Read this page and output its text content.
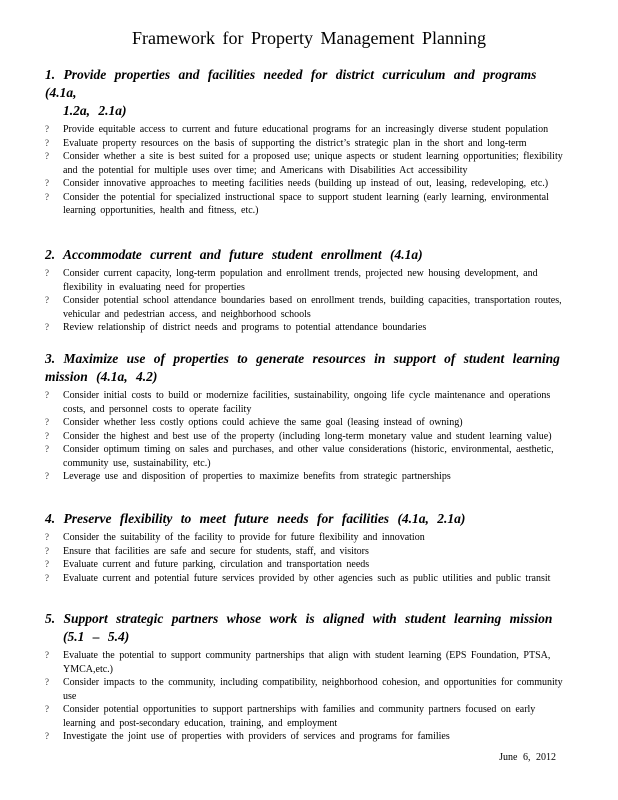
Framework for Property Management Planning

1. Provide properties and facilities needed for district curriculum and programs (4.1a,
1.2a, 2.1a)

? Provide equitable access to current and future educational programs for an increasingly diverse student population
? Evaluate property resources on the basis of supporting the district’s strategic plan in the short and long‑term
? Consider whether a site is best suited for a proposed use; unique aspects or student learning opportunities; flexibility and the potential for multiple uses over time; and Americans with Disabilities Act accessibility
? Consider innovative approaches to meeting facilities needs (building up instead of out, leasing, redeveloping, etc.)
? Consider the potential for specialized instructional space to support student learning (early learning, environmental learning opportunities, health and fitness, etc.)

2. Accommodate current and future student enrollment (4.1a)

? Consider current capacity, long‑term population and enrollment trends, projected new housing development, and flexibility in evaluating need for properties
? Consider potential school attendance boundaries based on enrollment trends, building capacities, transportation routes, vehicular and pedestrian access, and neighborhood schools
? Review relationship of district needs and programs to potential attendance boundaries

3. Maximize use of properties to generate resources in support of student learning
mission (4.1a, 4.2)

? Consider initial costs to build or modernize facilities, sustainability, ongoing life cycle maintenance and operations costs, and personnel costs to operate facility
? Consider whether less costly options could achieve the same goal (leasing instead of owning)
? Consider the highest and best use of the property (including long‑term monetary value and student learning value)
? Consider optimum timing on sales and purchases, and other value considerations (historic, environmental, aesthetic, community use, sustainability, etc.)
? Leverage use and disposition of properties to maximize benefits from strategic partnerships

4. Preserve flexibility to meet future needs for facilities (4.1a, 2.1a)

? Consider the suitability of the facility to provide for future flexibility and innovation
? Ensure that facilities are safe and secure for students, staff, and visitors
? Evaluate current and future parking, circulation and transportation needs
? Evaluate current and potential future services provided by other agencies such as public utilities and public transit

5. Support strategic partners whose work is aligned with student learning mission
(5.1 – 5.4)

? Evaluate the potential to support community partnerships that align with student learning (EPS Foundation, PTSA, YMCA,etc.)
? Consider impacts to the community, including compatibility, neighborhood cohesion, and opportunities for community use
? Consider potential opportunities to support partnerships with families and community partners focused on early learning and post‑secondary education, training, and employment
? Investigate the joint use of properties with providers of services and programs for families
June 6, 2012
